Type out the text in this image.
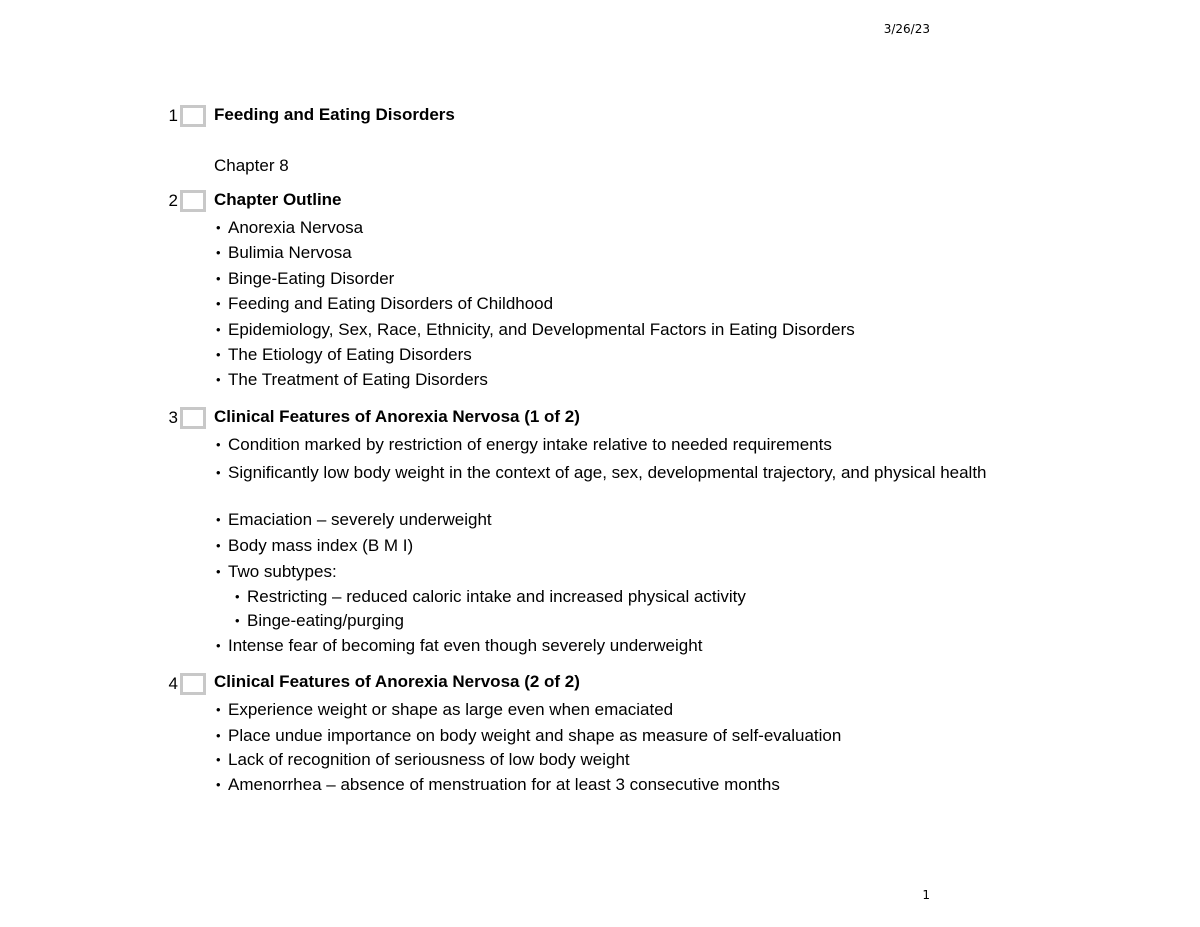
3/26/23
1 Feeding and Eating Disorders
Chapter 8
2 Chapter Outline
• Anorexia Nervosa
• Bulimia Nervosa
• Binge-Eating Disorder
• Feeding and Eating Disorders of Childhood
• Epidemiology, Sex, Race, Ethnicity, and Developmental Factors in Eating Disorders
• The Etiology of Eating Disorders
• The Treatment of Eating Disorders
3 Clinical Features of Anorexia Nervosa (1 of 2)
• Condition marked by restriction of energy intake relative to needed requirements
• Significantly low body weight in the context of age, sex, developmental trajectory, and physical health
• Emaciation – severely underweight
• Body mass index (B M I)
• Two subtypes:
• Restricting – reduced caloric intake and increased physical activity
• Binge-eating/purging
• Intense fear of becoming fat even though severely underweight
4 Clinical Features of Anorexia Nervosa (2 of 2)
• Experience weight or shape as large even when emaciated
• Place undue importance on body weight and shape as measure of self-evaluation
• Lack of recognition of seriousness of low body weight
• Amenorrhea – absence of menstruation for at least 3 consecutive months
1
